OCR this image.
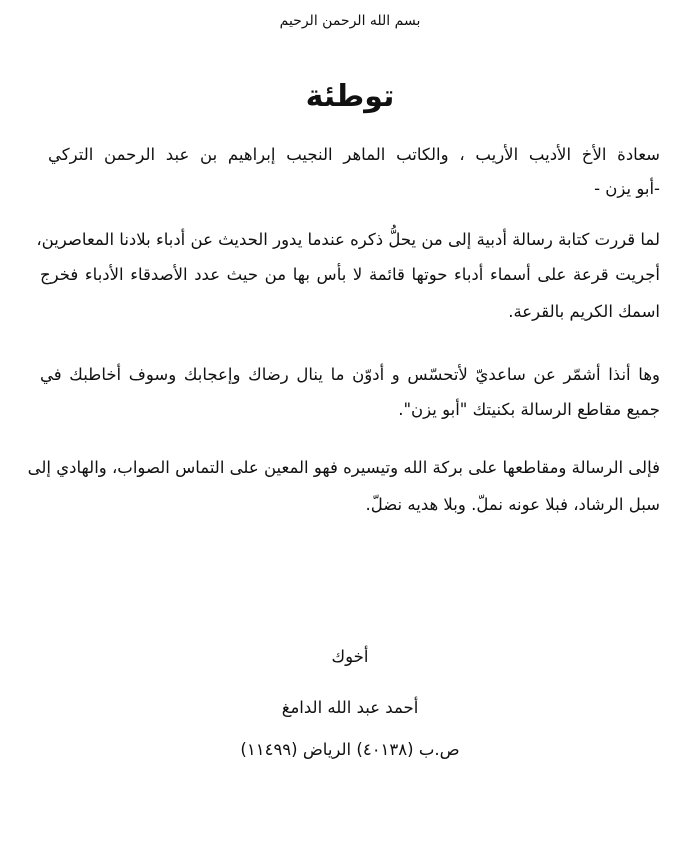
بسم الله الرحمن الرحيم
توطئة
سعادة الأخ الأديب الأريب ، والكاتب الماهر النجيب إبراهيم بن عبد الرحمن التركي
-أبو يزن -
لما قررت كتابة رسالة أدبية إلى من يحلُّ ذكره عندما يدور الحديث عن أدباء بلادنا المعاصرين،
أجريت قرعة على أسماء أدباء حوتها قائمة لا بأس بها من حيث عدد الأصدقاء الأدباء فخرج
اسمك الكريم بالقرعة.
وها أنذا أشمّر عن ساعديّ لأتحسّس و أدوّن ما ينال رضاك وإعجابك وسوف أخاطبك في
جميع مقاطع الرسالة بكنيتك "أبو يزن".
فإلى الرسالة ومقاطعها على بركة الله وتيسيره فهو المعين على التماس الصواب، والهادي إلى
سبل الرشاد، فبلا عونه نملّ. وبلا هديه نضلّ.
أخوك
أحمد عبد الله الدامغ
ص.ب (٤٠١٣٨) الرياض (١١٤٩٩)
